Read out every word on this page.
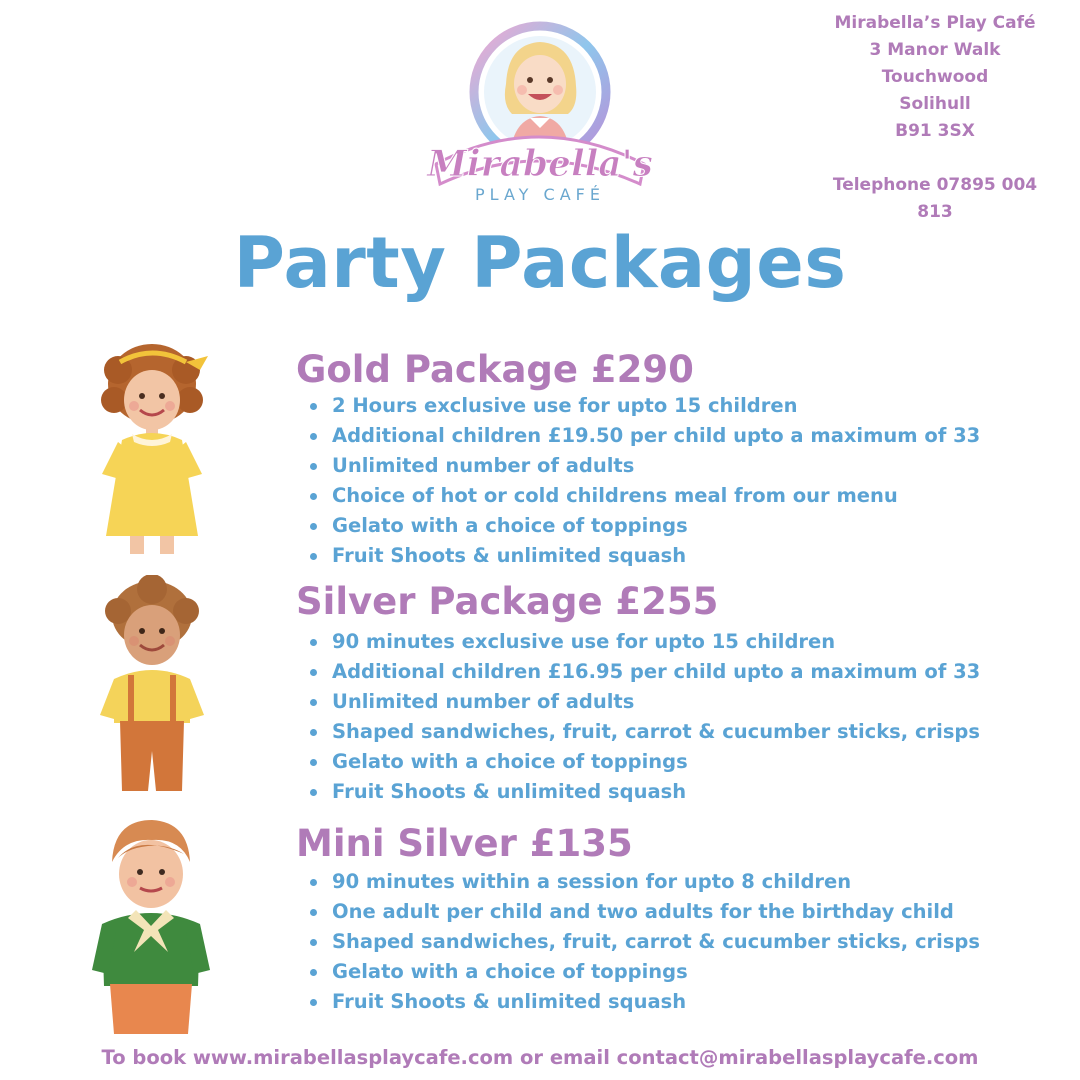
Mirabella's
PLAY CAFÉ
Mirabella’s Play Café
3 Manor Walk
Touchwood
Solihull
B91 3SX
Telephone 07895 004 813
Party Packages
Gold Package £290
2 Hours exclusive use for upto 15 children
Additional children £19.50 per child upto a maximum of 33
Unlimited number of adults
Choice of hot or cold childrens meal from our menu
Gelato with a choice of toppings
Fruit Shoots & unlimited squash
Silver Package £255
90 minutes exclusive use for upto 15 children
Additional children £16.95 per child upto a maximum of 33
Unlimited number of adults
Shaped sandwiches, fruit, carrot & cucumber sticks, crisps
Gelato with a choice of toppings
Fruit Shoots & unlimited squash
Mini Silver £135
90 minutes within a session for upto 8 children
One adult per child and two adults for the birthday child
Shaped sandwiches, fruit, carrot & cucumber sticks, crisps
Gelato with a choice of toppings
Fruit Shoots & unlimited squash
To book www.mirabellasplaycafe.com or email contact@mirabellasplaycafe.com
